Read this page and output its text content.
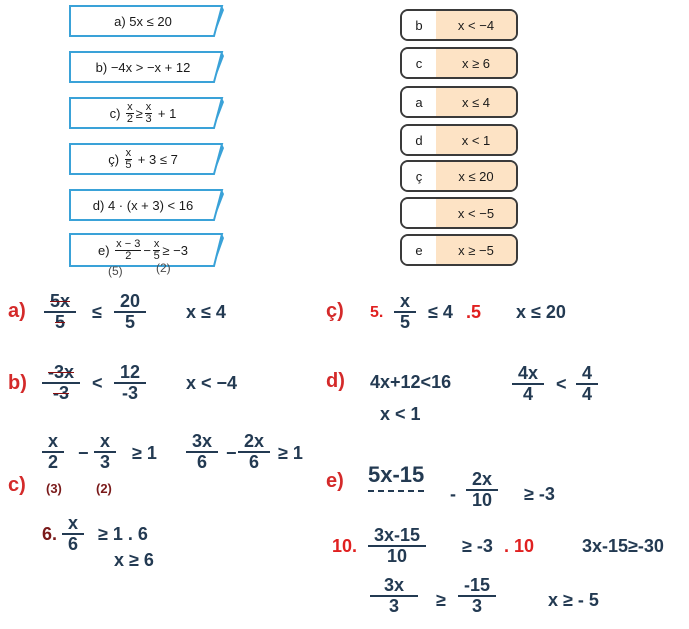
a) 5x ≤ 20
b) −4x > −x + 12
c)
$\frac{x}{2} \ge \frac{x}{3}$
+ 1
ç)
$\frac{x}{5}$
+ 3 ≤ 7
d) 4 · (x + 3) < 16
e)
$\frac{x - 3}{2} - \frac{x}{5} \ge -3$
(5)	(2)
b	x < −4
c	x ≥ 6
a	x ≤ 4
d	x < 1
ç	x ≤ 20
x < −5
e	x ≥ −5
a)	5x
5	≤
20
5	x ≤ 4
b)	-3x
-3	<
12
-3	x < −4
c)
x
2	−
x
3	≥ 1
(3)	(2)
3x
6	−
2x
6	≥ 1
6.
x
6	≥ 1 . 6
x ≥ 6
ç) 5.
x
5 ≤ 4 .5 x ≤ 20
d) 4x+12<16
x < 1
4x
4	<
4
4
e) 5x-15
-
2x
10	≥ -3
10.
3x-15
10	≥ -3 . 10	3x-15≥-30
3x
3	≥
-15
3	x ≥ - 5
